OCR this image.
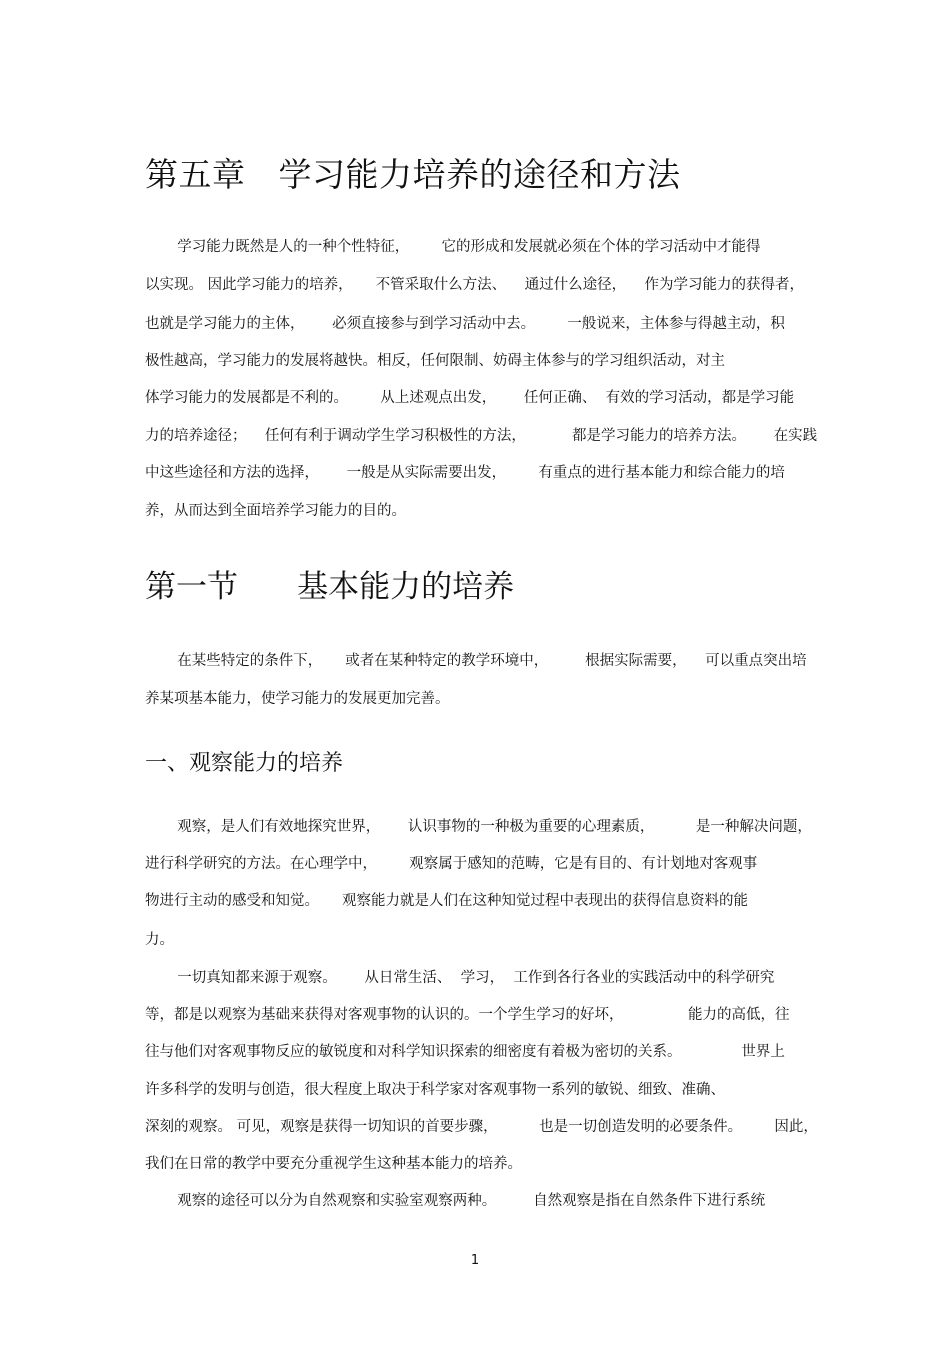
第五章   学习能力培养的途径和方法
学习能力既然是人的一种个性特征，       它的形成和发展就必须在个体的学习活动中才能得
以实现。 因此学习能力的培养，     不管采取什么方法、    通过什么途径，    作为学习能力的获得者，
也就是学习能力的主体，      必须直接参与到学习活动中去。       一般说来，主体参与得越主动，积
极性越高，学习能力的发展将越快。相反，任何限制、妨碍主体参与的学习组织活动，对主
体学习能力的发展都是不利的。       从上述观点出发，      任何正确、  有效的学习活动，都是学习能
力的培养途径；    任何有利于调动学生学习积极性的方法，          都是学习能力的培养方法。      在实践
中这些途径和方法的选择，      一般是从实际需要出发，       有重点的进行基本能力和综合能力的培
养，从而达到全面培养学习能力的目的。
第一节      基本能力的培养
在某些特定的条件下，     或者在某种特定的教学环境中，        根据实际需要，    可以重点突出培
养某项基本能力，使学习能力的发展更加完善。
一、观察能力的培养
观察，是人们有效地探究世界，      认识事物的一种极为重要的心理素质，         是一种解决问题，
进行科学研究的方法。在心理学中，       观察属于感知的范畴，它是有目的、有计划地对客观事
物进行主动的感受和知觉。     观察能力就是人们在这种知觉过程中表现出的获得信息资料的能
力。
一切真知都来源于观察。      从日常生活、  学习，  工作到各行各业的实践活动中的科学研究
等，都是以观察为基础来获得对客观事物的认识的。一个学生学习的好坏，              能力的高低，往
往与他们对客观事物反应的敏锐度和对科学知识探索的细密度有着极为密切的关系。             世界上
许多科学的发明与创造，很大程度上取决于科学家对客观事物一系列的敏锐、细致、准确、
深刻的观察。 可见，观察是获得一切知识的首要步骤，         也是一切创造发明的必要条件。       因此，
我们在日常的教学中要充分重视学生这种基本能力的培养。
观察的途径可以分为自然观察和实验室观察两种。        自然观察是指在自然条件下进行系统
1
